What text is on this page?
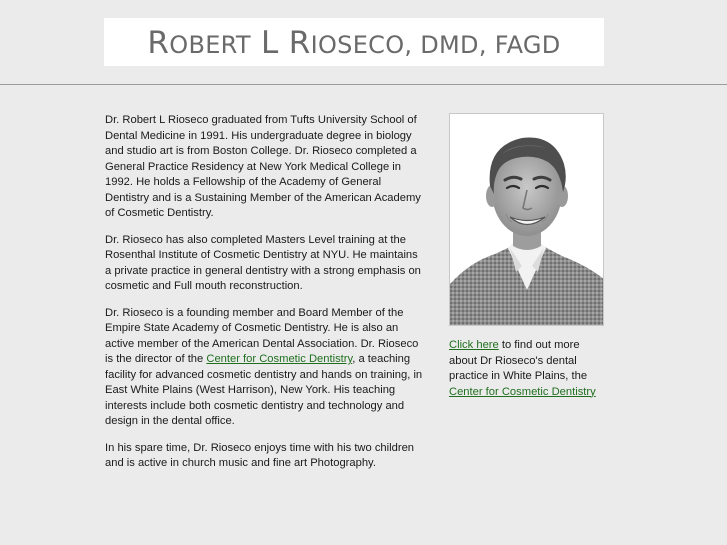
ROBERT L RIOSECO, DMD, FAGD

Dr. Robert L Rioseco graduated from Tufts University School of Dental Medicine in 1991. His undergraduate degree in biology and studio art is from Boston College. Dr. Rioseco completed a General Practice Residency at New York Medical College in 1992. He holds a Fellowship of the Academy of General Dentistry and is a Sustaining Member of the American Academy of Cosmetic Dentistry.

Dr. Rioseco has also completed Masters Level training at the Rosenthal Institute of Cosmetic Dentistry at NYU. He maintains a private practice in general dentistry with a strong emphasis on cosmetic and Full mouth reconstruction.

Dr. Rioseco is a founding member and Board Member of the Empire State Academy of Cosmetic Dentistry. He is also an active member of the American Dental Association. Dr. Rioseco is the director of the Center for Cosmetic Dentistry, a teaching facility for advanced cosmetic dentistry and hands on training, in East White Plains (West Harrison), New York. His teaching interests include both cosmetic dentistry and technology and design in the dental office.

In his spare time, Dr. Rioseco enjoys time with his two children and is active in church music and fine art Photography.

Click here to find out more about Dr Rioseco's dental practice in White Plains, the Center for Cosmetic Dentistry
